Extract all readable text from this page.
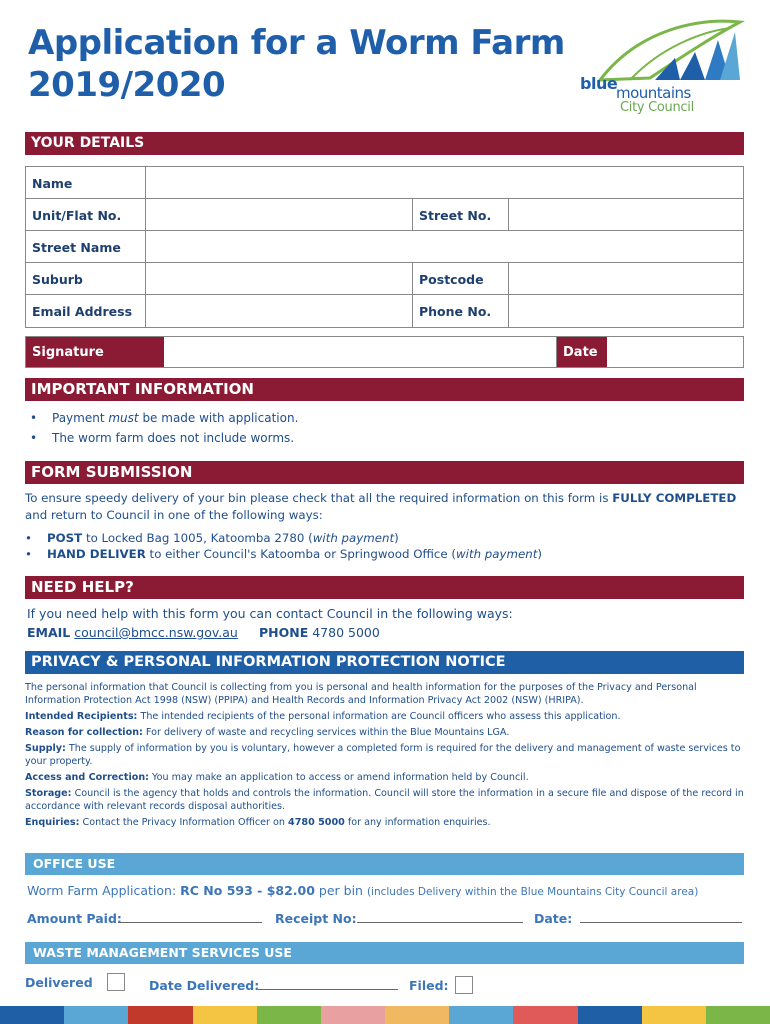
Application for a Worm Farm
2019/2020	blue
mountains
City Council
YOUR DETAILS
Name
Unit/Flat No.	Street No.
Street Name
Suburb	Postcode
Email Address	Phone No.
Signature	Date
IMPORTANT INFORMATION
• Payment must be made with application.
• The worm farm does not include worms.
FORM SUBMISSION
To ensure speedy delivery of your bin please check that all the required information on this form is FULLY COMPLETED
and return to Council in one of the following ways:
• POST to Locked Bag 1005, Katoomba 2780 (with payment)
• HAND DELIVER to either Council's Katoomba or Springwood Office (with payment)
NEED HELP?
If you need help with this form you can contact Council in the following ways:
EMAIL council@bmcc.nsw.gov.au PHONE 4780 5000
PRIVACY & PERSONAL INFORMATION PROTECTION NOTICE
The personal information that Council is collecting from you is personal and health information for the purposes of the Privacy and Personal Information Protection Act 1998 (NSW) (PPIPA) and Health Records and Information Privacy Act 2002 (NSW) (HRIPA).
Intended Recipients: The intended recipients of the personal information are Council officers who assess this application.
Reason for collection: For delivery of waste and recycling services within the Blue Mountains LGA.
Supply: The supply of information by you is voluntary, however a completed form is required for the delivery and management of waste services to your property.
Access and Correction: You may make an application to access or amend information held by Council.
Storage: Council is the agency that holds and controls the information. Council will store the information in a secure file and dispose of the record in accordance with relevant records disposal authorities.
Enquiries: Contact the Privacy Information Officer on 4780 5000 for any information enquiries.
OFFICE USE
Worm Farm Application: RC No 593 - $82.00 per bin (includes Delivery within the Blue Mountains City Council area)
Amount Paid:	Receipt No:	Date:
WASTE MANAGEMENT SERVICES USE
Delivered	Date Delivered:	Filed:
